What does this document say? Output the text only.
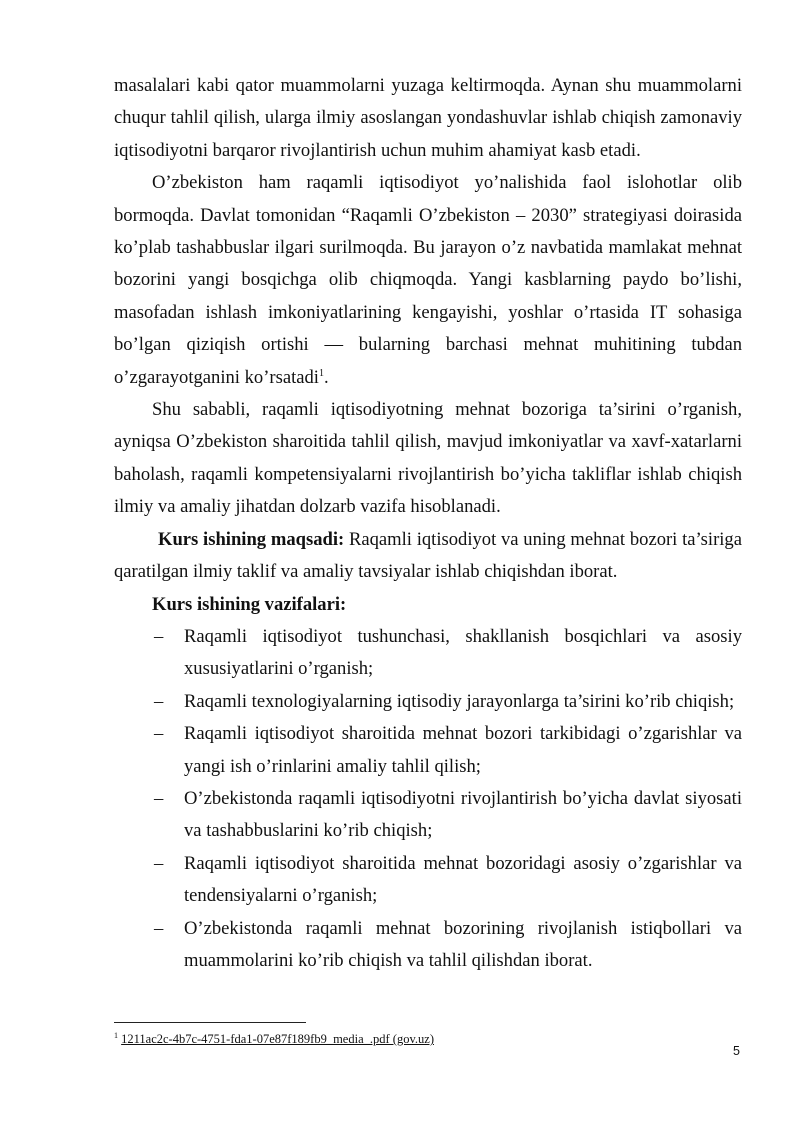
masalalari kabi qator muammolarni yuzaga keltirmoqda. Aynan shu muammolarni chuqur tahlil qilish, ularga ilmiy asoslangan yondashuvlar ishlab chiqish zamonaviy iqtisodiyotni barqaror rivojlantirish uchun muhim ahamiyat kasb etadi.

O’zbekiston ham raqamli iqtisodiyot yo’nalishida faol islohotlar olib bormoqda. Davlat tomonidan “Raqamli O’zbekiston – 2030” strategiyasi doirasida ko’plab tashabbuslar ilgari surilmoqda. Bu jarayon o’z navbatida mamlakat mehnat bozorini yangi bosqichga olib chiqmoqda. Yangi kasblarning paydo bo’lishi, masofadan ishlash imkoniyatlarining kengayishi, yoshlar o’rtasida IT sohasiga bo’lgan qiziqish ortishi — bularning barchasi mehnat muhitining tubdan o’zgarayotganini ko’rsatadi$^1$.

Shu sababli, raqamli iqtisodiyotning mehnat bozoriga ta’sirini o’rganish, ayniqsa O’zbekiston sharoitida tahlil qilish, mavjud imkoniyatlar va xavf-xatarlarni baholash, raqamli kompetensiyalarni rivojlantirish bo’yicha takliflar ishlab chiqish ilmiy va amaliy jihatdan dolzarb vazifa hisoblanadi.

Kurs ishining maqsadi: Raqamli iqtisodiyot va uning mehnat bozori ta’siriga qaratilgan ilmiy taklif va amaliy tavsiyalar ishlab chiqishdan iborat.

Kurs ishining vazifalari:
– Raqamli iqtisodiyot tushunchasi, shakllanish bosqichlari va asosiy xususiyatlarini o’rganish;
– Raqamli texnologiyalarning iqtisodiy jarayonlarga ta’sirini ko’rib chiqish;
– Raqamli iqtisodiyot sharoitida mehnat bozori tarkibidagi o’zgarishlar va yangi ish o’rinlarini amaliy tahlil qilish;
– O’zbekistonda raqamli iqtisodiyotni rivojlantirish bo’yicha davlat siyosati va tashabbuslarini ko’rib chiqish;
– Raqamli iqtisodiyot sharoitida mehnat bozoridagi asosiy o’zgarishlar va tendensiyalarni o’rganish;
– O’zbekistonda raqamli mehnat bozorining rivojlanish istiqbollari va muammolarini ko’rib chiqish va tahlil qilishdan iborat.
$^1$ 1211ac2c-4b7c-4751-fda1-07e87f189fb9_media_.pdf (gov.uz)
5
